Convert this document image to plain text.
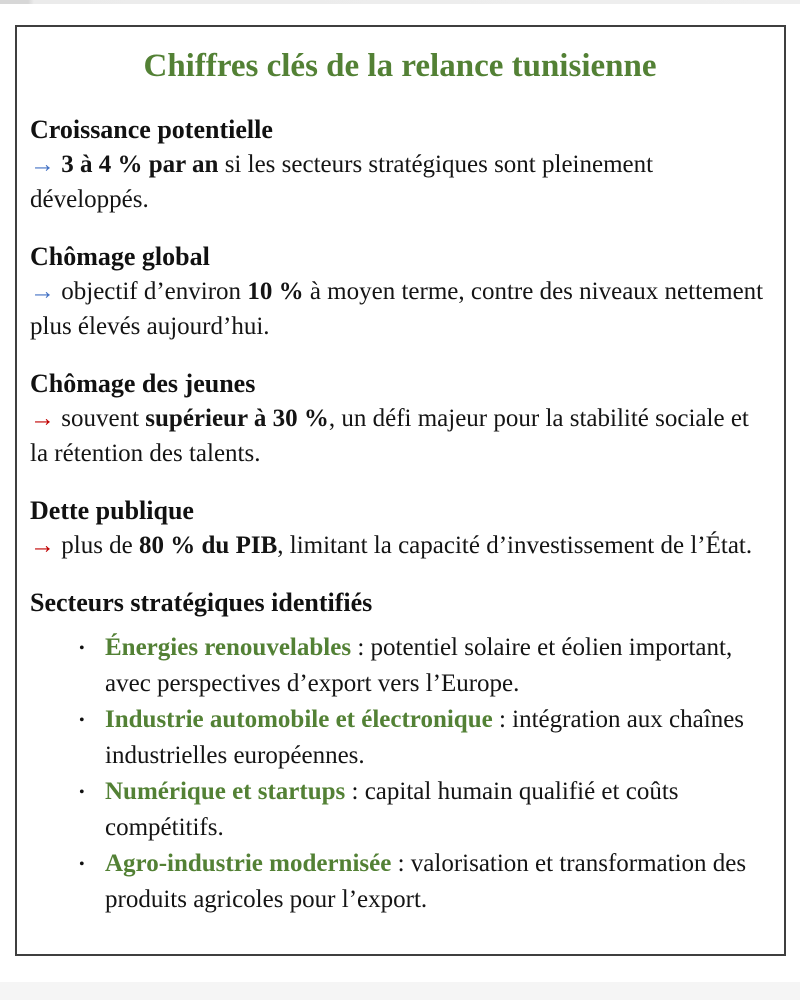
Chiffres clés de la relance tunisienne
Croissance potentielle

→ 3 à 4 % par an si les secteurs stratégiques sont pleinement développés.

Chômage global

→ objectif d’environ 10 % à moyen terme, contre des niveaux nettement plus élevés aujourd’hui.

Chômage des jeunes

→ souvent supérieur à 30 %, un défi majeur pour la stabilité sociale et la rétention des talents.

Dette publique

→ plus de 80 % du PIB, limitant la capacité d’investissement de l’État.

Secteurs stratégiques identifiés
• Énergies renouvelables : potentiel solaire et éolien important, avec perspectives d’export vers l’Europe.
• Industrie automobile et électronique : intégration aux chaînes industrielles européennes.
• Numérique et startups : capital humain qualifié et coûts compétitifs.
• Agro-industrie modernisée : valorisation et transformation des produits agricoles pour l’export.
